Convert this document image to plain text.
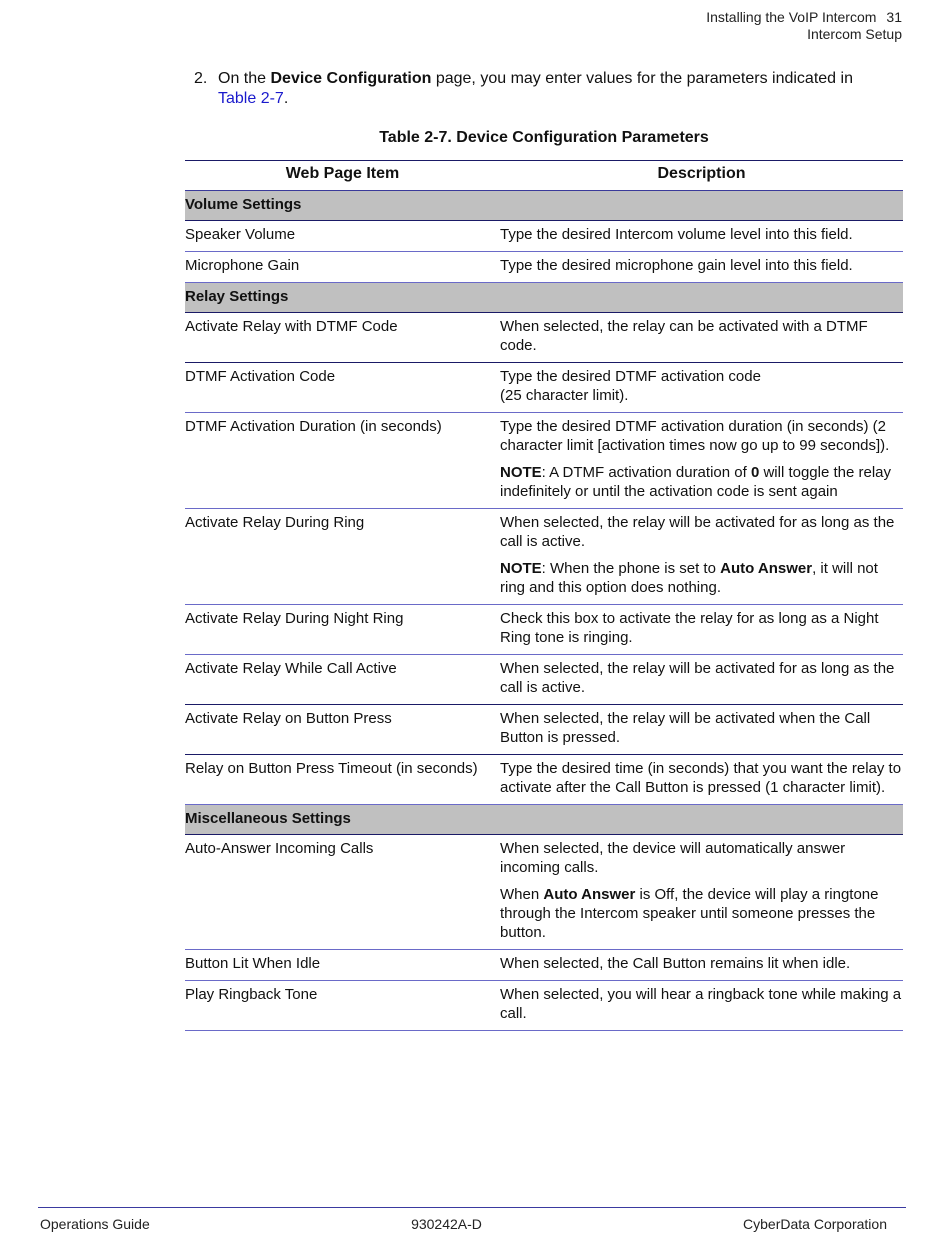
Installing the VoIP Intercom 31
Intercom Setup
2. On the Device Configuration page, you may enter values for the parameters indicated in Table 2-7.
Table 2-7. Device Configuration Parameters
Web Page Item	Description
Volume Settings	
Speaker Volume	Type the desired Intercom volume level into this field.
Microphone Gain	Type the desired microphone gain level into this field.
Relay Settings	
Activate Relay with DTMF Code	When selected, the relay can be activated with a DTMF code.
DTMF Activation Code	Type the desired DTMF activation code
(25 character limit).

DTMF Activation Duration (in seconds)	Type the desired DTMF activation duration (in seconds) (2 character limit [activation times now go up to 99 seconds]).
NOTE: A DTMF activation duration of 0 will toggle the relay indefinitely or until the activation code is sent again

Activate Relay During Ring	When selected, the relay will be activated for as long as the call is active.
NOTE: When the phone is set to Auto Answer, it will not ring and this option does nothing.

Activate Relay During Night Ring	Check this box to activate the relay for as long as a Night Ring tone is ringing.
Activate Relay While Call Active	When selected, the relay will be activated for as long as the call is active.
Activate Relay on Button Press	When selected, the relay will be activated when the Call Button is pressed.
Relay on Button Press Timeout (in seconds)	Type the desired time (in seconds) that you want the relay to activate after the Call Button is pressed (1 character limit).
Miscellaneous Settings	
Auto-Answer Incoming Calls	When selected, the device will automatically answer incoming calls.
When Auto Answer is Off, the device will play a ringtone through the Intercom speaker until someone presses the button.

Button Lit When Idle	When selected, the Call Button remains lit when idle.
Play Ringback Tone	When selected, you will hear a ringback tone while making a call.
Operations Guide	930242A-D	CyberData Corporation
